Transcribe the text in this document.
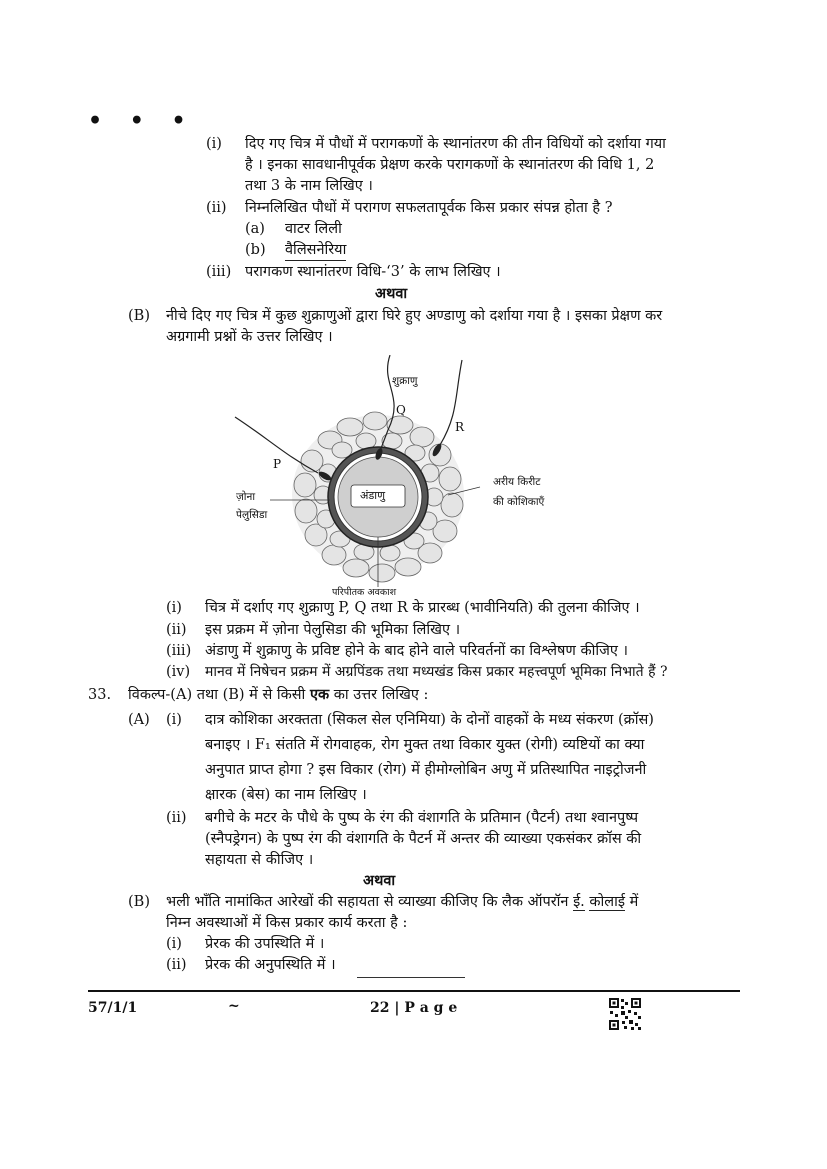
• • •
(i) दिए गए चित्र में पौधों में परागकणों के स्थानांतरण की तीन विधियों को दर्शाया गया
है । इनका सावधानीपूर्वक प्रेक्षण करके परागकणों के स्थानांतरण की विधि 1, 2
तथा 3 के नाम लिखिए ।
(ii) निम्नलिखित पौधों में परागण सफलतापूर्वक किस प्रकार संपन्न होता है ?
(a) वाटर लिली
(b) वैलिसनेरिया
(iii) परागकण स्थानांतरण विधि-‘3’ के लाभ लिखिए ।
अथवा
(B) नीचे दिए गए चित्र में कुछ शुक्राणुओं द्वारा घिरे हुए अण्डाणु को दर्शाया गया है । इसका प्रेक्षण कर
अग्रगामी प्रश्नों के उत्तर लिखिए ।
शुक्राणु
Q
R
P
ज़ोना
पेलुसिडा
अंडाणु
अरीय किरीट
की कोशिकाएँ
परिपीतक अवकाश
(i) चित्र में दर्शाए गए शुक्राणु P, Q तथा R के प्रारब्ध (भावीनियति) की तुलना कीजिए ।
(ii) इस प्रक्रम में ज़ोना पेलुसिडा की भूमिका लिखिए ।
(iii) अंडाणु में शुक्राणु के प्रविष्ट होने के बाद होने वाले परिवर्तनों का विश्लेषण कीजिए ।
(iv) मानव में निषेचन प्रक्रम में अग्रपिंडक तथा मध्यखंड किस प्रकार महत्त्वपूर्ण भूमिका निभाते हैं ?
33. विकल्प-(A) तथा (B) में से किसी एक का उत्तर लिखिए :
(A) (i) दात्र कोशिका अरक्तता (सिकल सेल एनिमिया) के दोनों वाहकों के मध्य संकरण (क्रॉस)
बनाइए । F₁ संतति में रोगवाहक, रोग मुक्त तथा विकार युक्त (रोगी) व्यष्टियों का क्या
अनुपात प्राप्त होगा ? इस विकार (रोग) में हीमोग्लोबिन अणु में प्रतिस्थापित नाइट्रोजनी
क्षारक (बेस) का नाम लिखिए ।
(ii) बगीचे के मटर के पौधे के पुष्प के रंग की वंशागति के प्रतिमान (पैटर्न) तथा श्वानपुष्प
(स्नैपड्रेगन) के पुष्प रंग की वंशागति के पैटर्न में अन्तर की व्याख्या एकसंकर क्रॉस की
सहायता से कीजिए ।
अथवा
(B) भली भाँति नामांकित आरेखों की सहायता से व्याख्या कीजिए कि लैक ऑपरॉन ई. कोलाई में
निम्न अवस्थाओं में किस प्रकार कार्य करता है :
(i) प्रेरक की उपस्थिति में ।
(ii) प्रेरक की अनुपस्थिति में ।
57/1/1	~	22 | P a g e
